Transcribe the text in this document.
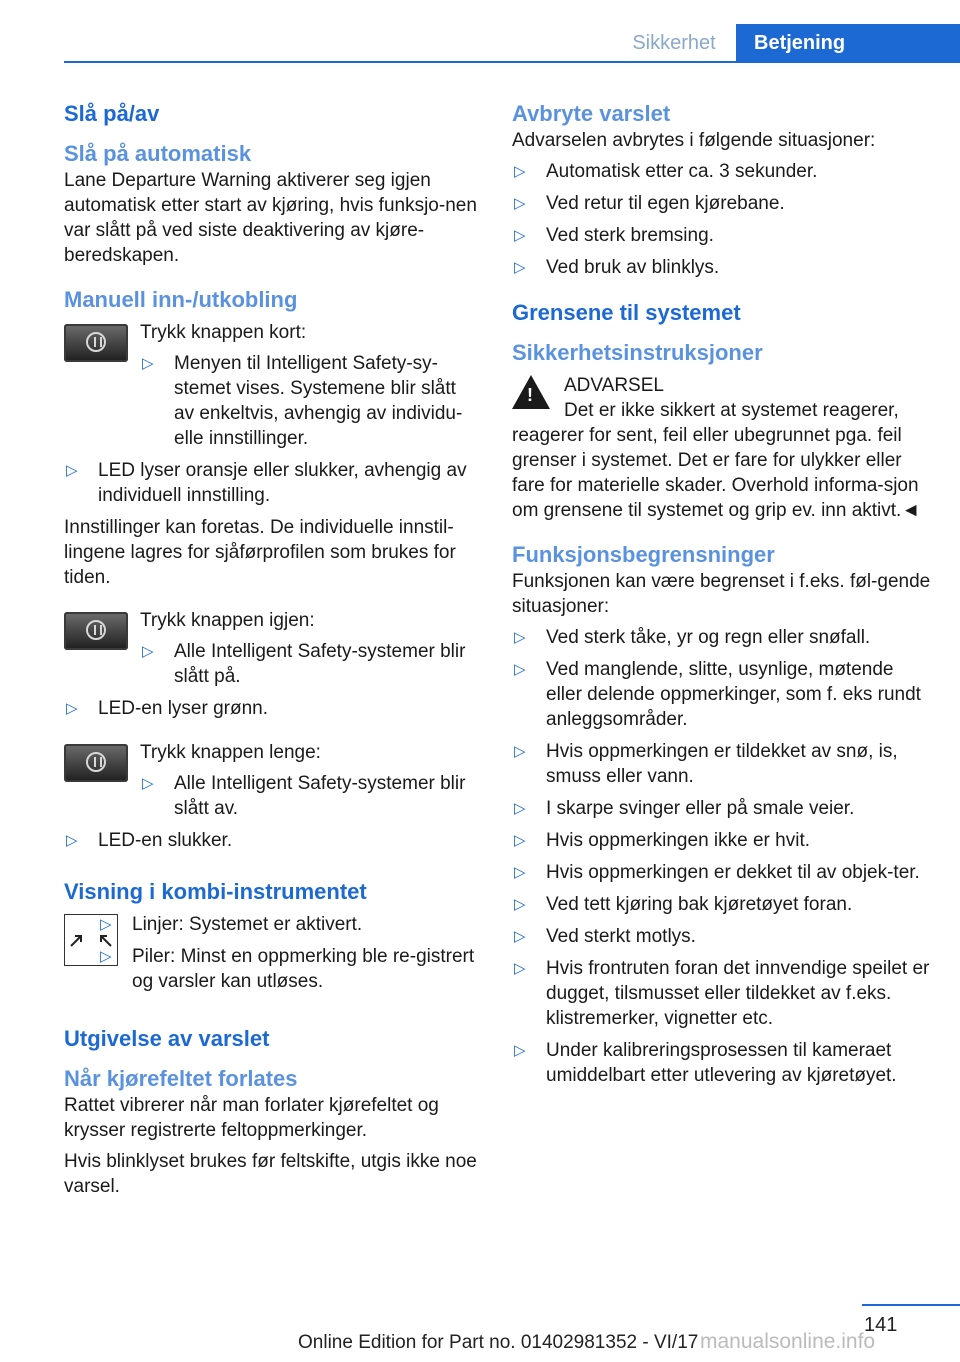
Sikkerhet	Betjening
Slå på/av
Slå på automatisk

Lane Departure Warning aktiverer seg igjen automatisk etter start av kjøring, hvis funksjo-nen var slått på ved siste deaktivering av kjøre-beredskapen.

Manuell inn-/utkobling

Trykk knappen kort:

▷ Menyen til Intelligent Safety-sy-stemet vises. Systemene blir slått av enkeltvis, avhengig av individu-elle innstillinger.
▷ LED lyser oransje eller slukker, avhengig av individuell innstilling.

Innstillinger kan foretas. De individuelle innstil-lingene lagres for sjåførprofilen som brukes for tiden.

Trykk knappen igjen:

▷ Alle Intelligent Safety-systemer blir slått på.
▷ LED-en lyser grønn.

Trykk knappen lenge:

▷ Alle Intelligent Safety-systemer blir slått av.
▷ LED-en slukker.
Visning i kombi-instrumentet
▷ Linjer: Systemet er aktivert.
▷ Piler: Minst en oppmerking ble re-gistrert og varsler kan utløses.
Utgivelse av varslet
Når kjørefeltet forlates

Rattet vibrerer når man forlater kjørefeltet og krysser registrerte feltoppmerkinger.

Hvis blinklyset brukes før feltskifte, utgis ikke noe varsel.

Avbryte varslet

Advarselen avbrytes i følgende situasjoner:

▷ Automatisk etter ca. 3 sekunder.
▷ Ved retur til egen kjørebane.
▷ Ved sterk bremsing.
▷ Ved bruk av blinklys.
Grensene til systemet
Sikkerhetsinstruksjoner
!

ADVARSEL

Det er ikke sikkert at systemet reagerer, reagerer for sent, feil eller ubegrunnet pga. feil grenser i systemet. Det er fare for ulykker eller fare for materielle skader. Overhold informa-sjon om grensene til systemet og grip ev. inn aktivt.◄

Funksjonsbegrensninger

Funksjonen kan være begrenset i f.eks. føl-gende situasjoner:

▷ Ved sterk tåke, yr og regn eller snøfall.
▷ Ved manglende, slitte, usynlige, møtende eller delende oppmerkinger, som f. eks rundt anleggsområder.
▷ Hvis oppmerkingen er tildekket av snø, is, smuss eller vann.
▷ I skarpe svinger eller på smale veier.
▷ Hvis oppmerkingen ikke er hvit.
▷ Hvis oppmerkingen er dekket til av objek-ter.
▷ Ved tett kjøring bak kjøretøyet foran.
▷ Ved sterkt motlys.
▷ Hvis frontruten foran det innvendige speilet er dugget, tilsmusset eller tildekket av f.eks. klistremerker, vignetter etc.
▷ Under kalibreringsprosessen til kameraet umiddelbart etter utlevering av kjøretøyet.
141
Online Edition for Part no. 01402981352 - VI/17 manualsonline.info
